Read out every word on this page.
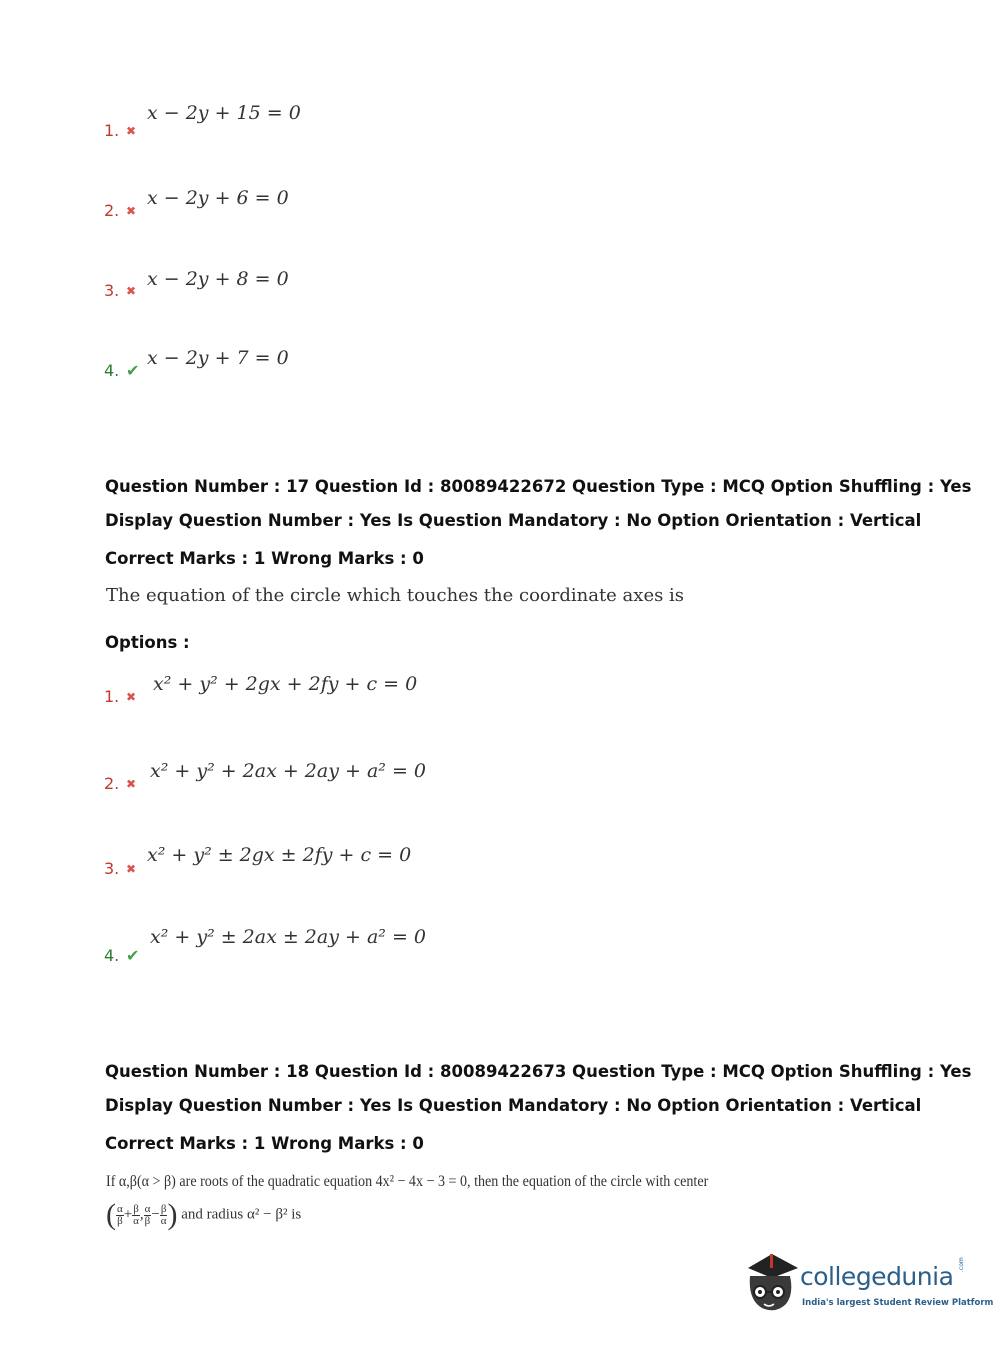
1. ✖
x − 2y + 15 = 0
2. ✖
x − 2y + 6 = 0
3. ✖
x − 2y + 8 = 0
4. ✔
x − 2y + 7 = 0
Question Number : 17 Question Id : 80089422672 Question Type : MCQ Option Shuffling : Yes
Display Question Number : Yes Is Question Mandatory : No Option Orientation : Vertical
Correct Marks : 1 Wrong Marks : 0
The equation of the circle which touches the coordinate axes is
Options :
1. ✖
x² + y² + 2gx + 2fy + c = 0
2. ✖
x² + y² + 2ax + 2ay + a² = 0
3. ✖
x² + y² ± 2gx ± 2fy + c = 0
4. ✔
x² + y² ± 2ax ± 2ay + a² = 0
Question Number : 18 Question Id : 80089422673 Question Type : MCQ Option Shuffling : Yes
Display Question Number : Yes Is Question Mandatory : No Option Orientation : Vertical
Correct Marks : 1 Wrong Marks : 0
If α,β(α > β) are roots of the quadratic equation 4x² − 4x − 3 = 0, then the equation of the circle with center
( $\frac{\alpha}{\beta} + \frac{\beta}{\alpha}$ , $\frac{\alpha}{\beta} - \frac{\beta}{\alpha}$ ) and radius α² − β² is
collegedunia .com
India's largest Student Review Platform
